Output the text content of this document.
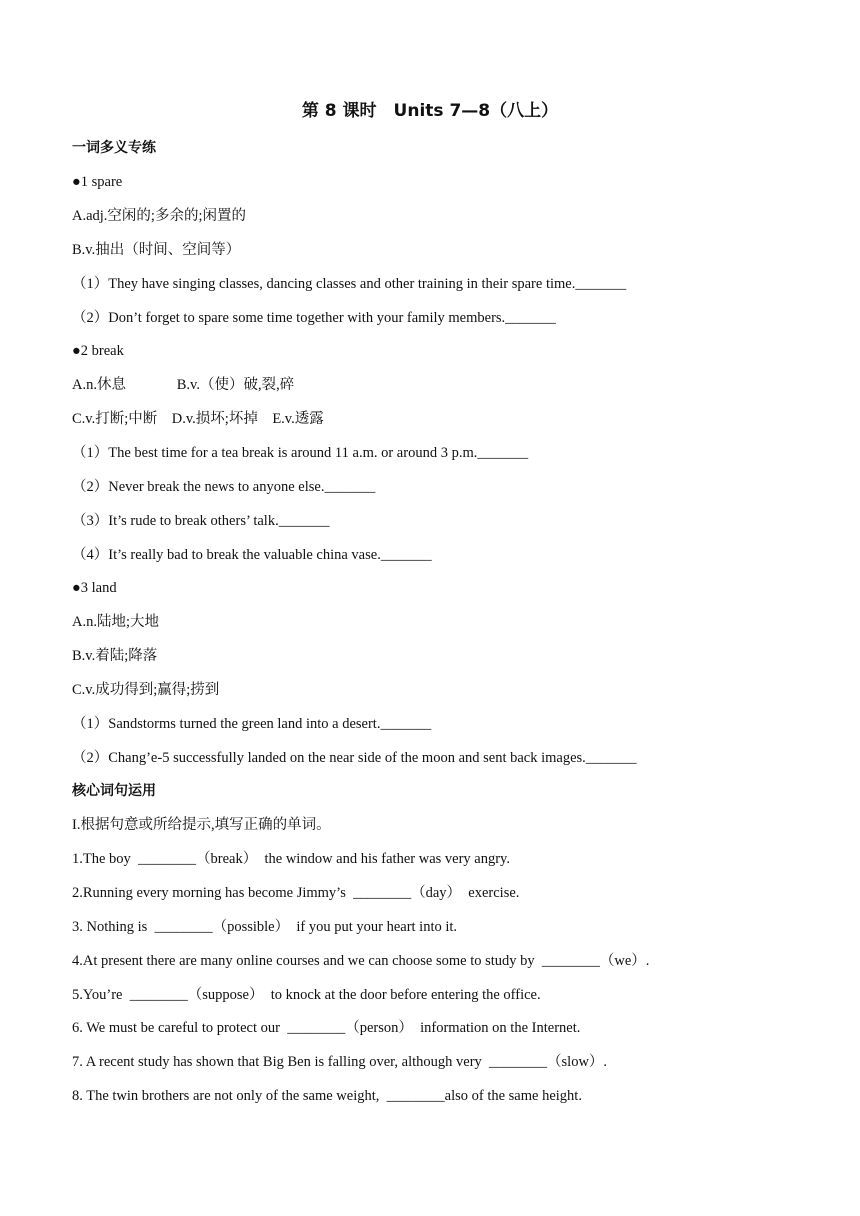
第 8 课时　Units 7—8（八上）
一词多义专练
●1 spare
A.adj.空闲的;多余的;闲置的
B.v.抽出（时间、空间等）
（1）They have singing classes, dancing classes and other training in their spare time._______
（2）Don’t forget to spare some time together with your family members._______
●2 break
A.n.休息              B.v.（使）破,裂,碎
C.v.打断;中断    D.v.损坏;坏掉    E.v.透露
（1）The best time for a tea break is around 11 a.m. or around 3 p.m._______
（2）Never break the news to anyone else._______
（3）It’s rude to break others’ talk._______
（4）It’s really bad to break the valuable china vase._______
●3 land
A.n.陆地;大地
B.v.着陆;降落
C.v.成功得到;赢得;捞到
（1）Sandstorms turned the green land into a desert._______
（2）Chang’e-5 successfully landed on the near side of the moon and sent back images._______
核心词句运用
I.根据句意或所给提示,填写正确的单词。
1.The boy  ________（break）  the window and his father was very angry.
2.Running every morning has become Jimmy’s  ________（day）  exercise.
3. Nothing is  ________（possible）  if you put your heart into it.
4.At present there are many online courses and we can choose some to study by  ________（we）.
5.You’re  ________（suppose）  to knock at the door before entering the office.
6. We must be careful to protect our  ________（person）  information on the Internet.
7. A recent study has shown that Big Ben is falling over, although very  ________（slow）.
8. The twin brothers are not only of the same weight,  ________also of the same height.
